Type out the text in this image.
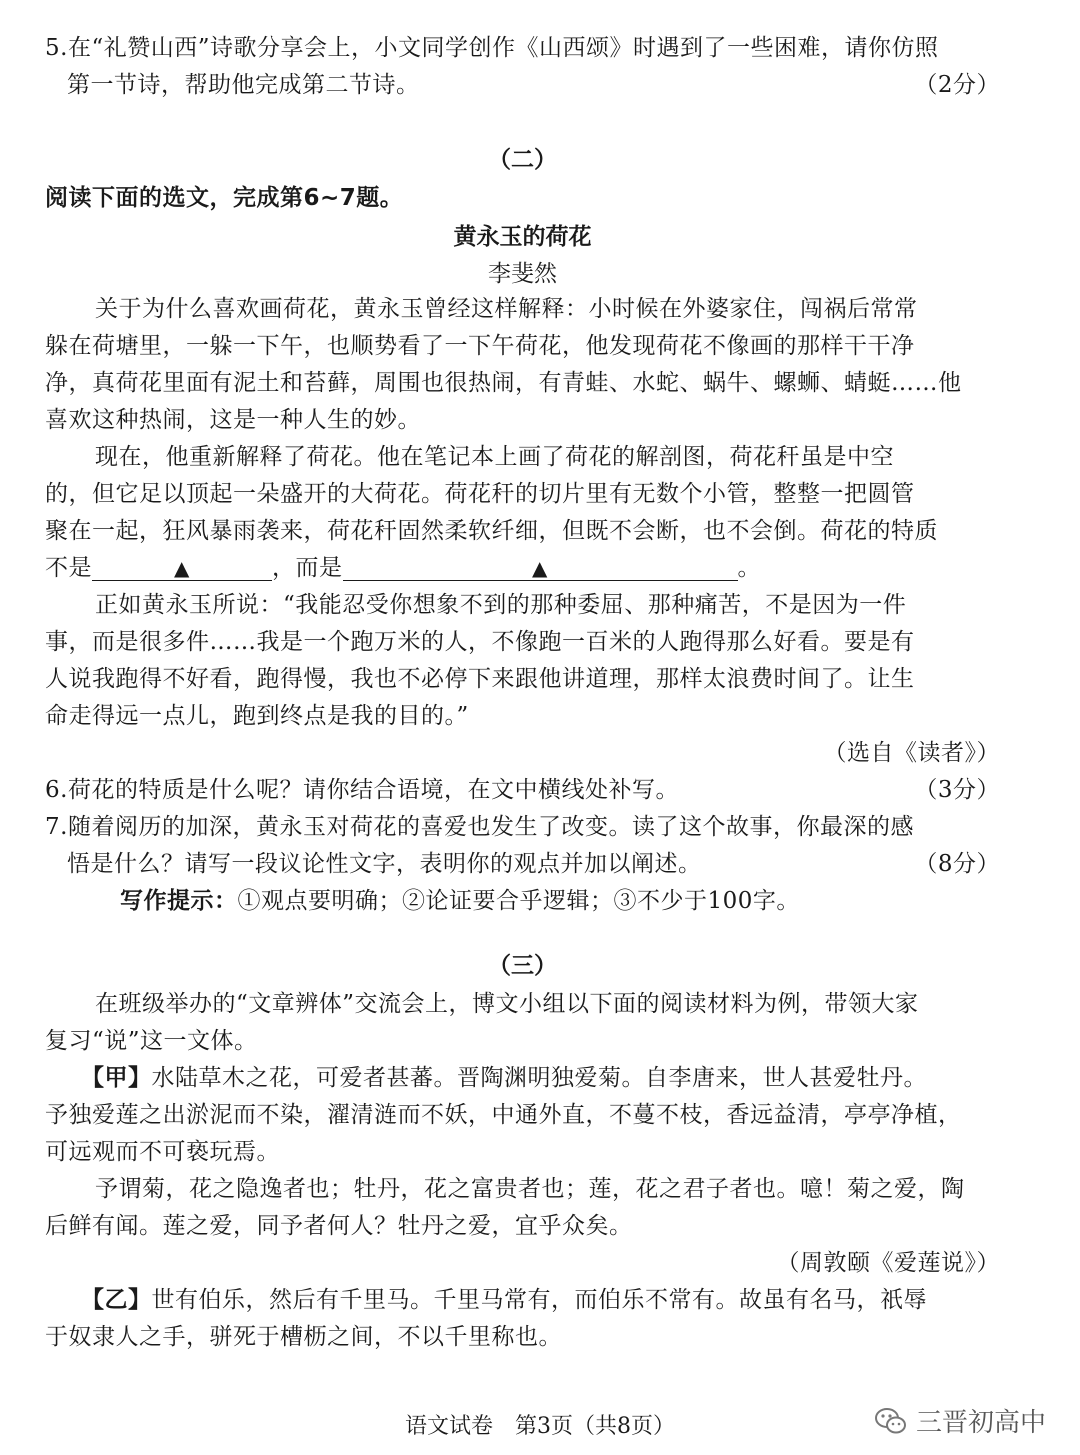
5.在“礼赞山西”诗歌分享会上，小文同学创作《山西颂》时遇到了一些困难，请你仿照
第一节诗，帮助他完成第二节诗。	（2分）
（二）
阅读下面的选文，完成第6~7题。
黄永玉的荷花
李斐然
关于为什么喜欢画荷花，黄永玉曾经这样解释：小时候在外婆家住，闯祸后常常
躲在荷塘里，一躲一下午，也顺势看了一下午荷花，他发现荷花不像画的那样干干净
净，真荷花里面有泥土和苔藓，周围也很热闹，有青蛙、水蛇、蜗牛、螺蛳、蜻蜓……他
喜欢这种热闹，这是一种人生的妙。
现在，他重新解释了荷花。他在笔记本上画了荷花的解剖图，荷花秆虽是中空
的，但它足以顶起一朵盛开的大荷花。荷花秆的切片里有无数个小管，整整一把圆管
聚在一起，狂风暴雨袭来，荷花秆固然柔软纤细，但既不会断，也不会倒。荷花的特质
不是	▲	，而是	▲	。
正如黄永玉所说：“我能忍受你想象不到的那种委屈、那种痛苦，不是因为一件
事，而是很多件……我是一个跑万米的人，不像跑一百米的人跑得那么好看。要是有
人说我跑得不好看，跑得慢，我也不必停下来跟他讲道理，那样太浪费时间了。让生
命走得远一点儿，跑到终点是我的目的。”
（选自《读者》）
6.荷花的特质是什么呢？请你结合语境，在文中横线处补写。	（3分）
7.随着阅历的加深，黄永玉对荷花的喜爱也发生了改变。读了这个故事，你最深的感
悟是什么？请写一段议论性文字，表明你的观点并加以阐述。	（8分）
写作提示：①观点要明确；②论证要合乎逻辑；③不少于100字。
（三）
在班级举办的“文章辨体”交流会上，博文小组以下面的阅读材料为例，带领大家
复习“说”这一文体。
【甲】水陆草木之花，可爱者甚蕃。晋陶渊明独爱菊。自李唐来，世人甚爱牡丹。
予独爱莲之出淤泥而不染，濯清涟而不妖，中通外直，不蔓不枝，香远益清，亭亭净植，
可远观而不可亵玩焉。
予谓菊，花之隐逸者也；牡丹，花之富贵者也；莲，花之君子者也。噫！菊之爱，陶
后鲜有闻。莲之爱，同予者何人？牡丹之爱，宜乎众矣。
（周敦颐《爱莲说》）
【乙】世有伯乐，然后有千里马。千里马常有，而伯乐不常有。故虽有名马，祇辱
于奴隶人之手，骈死于槽枥之间，不以千里称也。
语文试卷　第3页（共8页）	三晋初高中
